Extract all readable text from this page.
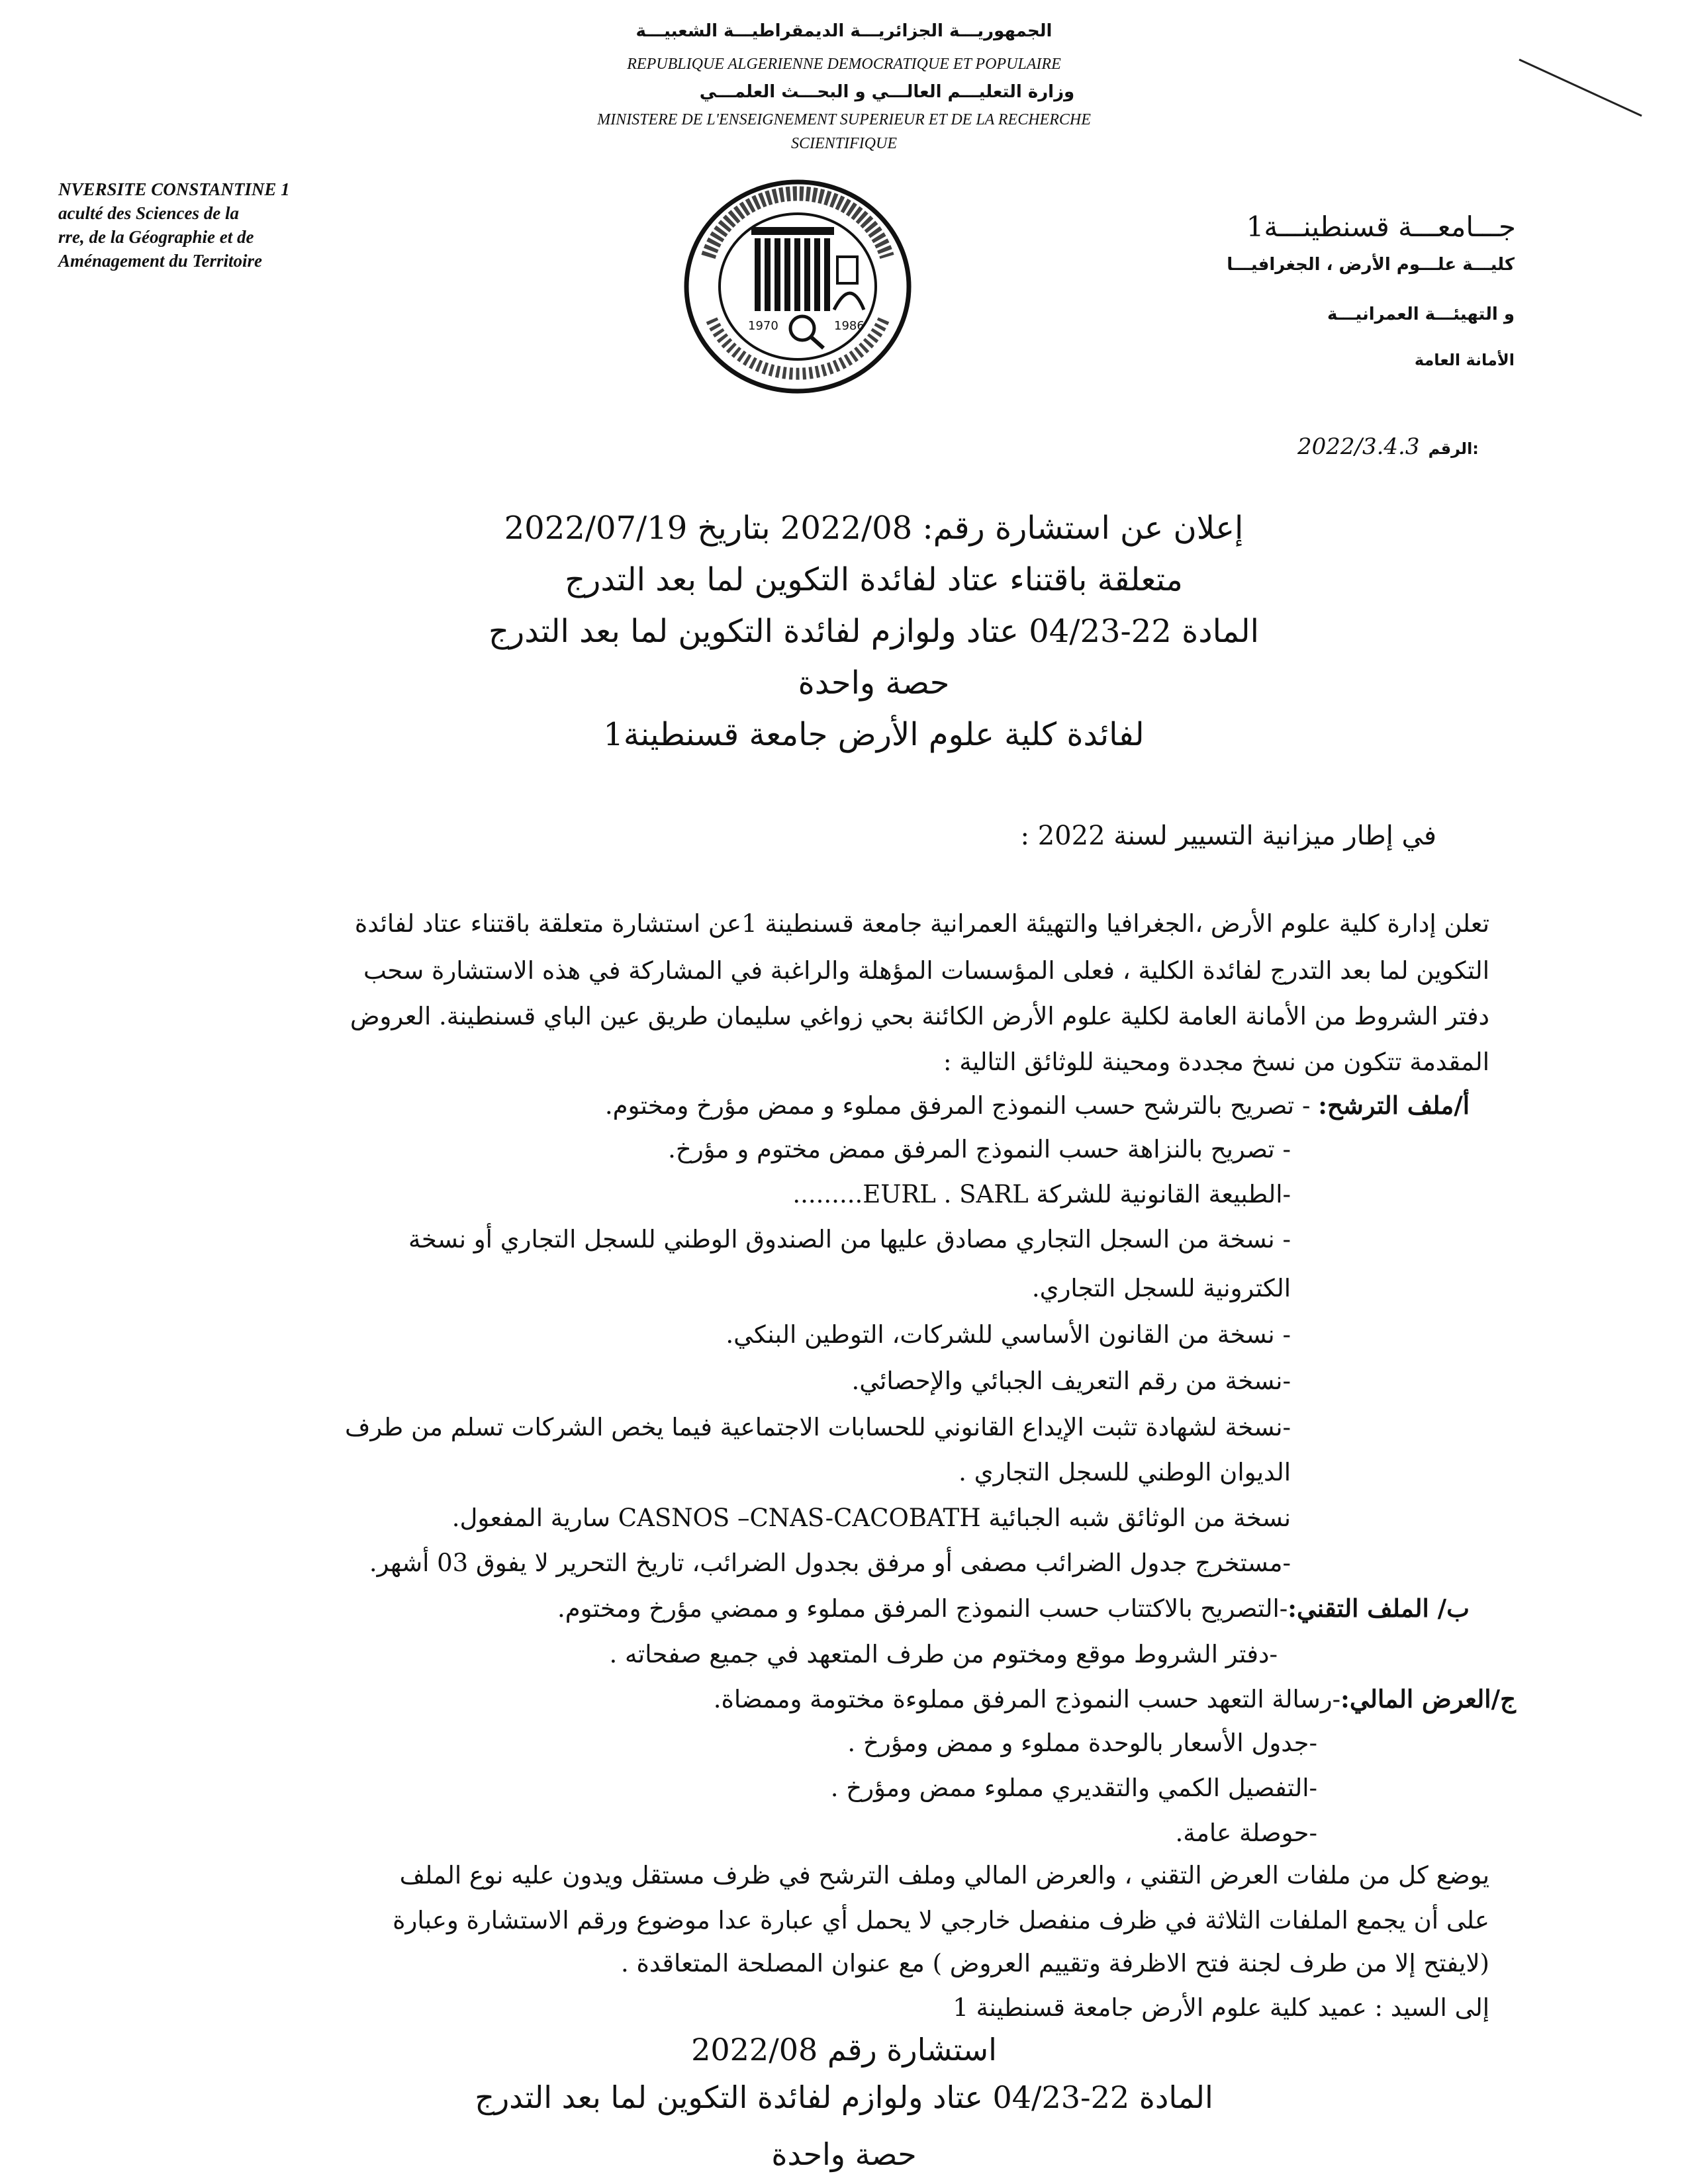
الجمهوريـــة الجزائريـــة الديمقراطيـــة الشعبيـــة
REPUBLIQUE ALGERIENNE DEMOCRATIQUE ET POPULAIRE
وزارة التعليـــم العالـــي و البحـــث العلمـــي
MINISTERE DE L'ENSEIGNEMENT SUPERIEUR ET DE LA RECHERCHE
SCIENTIFIQUE
NVERSITE CONSTANTINE 1
aculté des Sciences de la
rre, de la Géographie et de
Aménagement du Territoire
1970	1986
جـــامعـــة قسنطينـــة1
كليـــة علـــوم الأرض ، الجغرافيـــا
و التهيئـــة العمرانيـــة
الأمانة العامة
2022/3.4.3 الرقم:
إعلان عن استشارة رقم: 2022/08 بتاريخ 2022/07/19
متعلقة باقتناء عتاد لفائدة التكوين لما بعد التدرج
المادة 22-04/23 عتاد ولوازم لفائدة التكوين لما بعد التدرج
حصة واحدة
لفائدة كلية علوم الأرض جامعة قسنطينة1
في إطار ميزانية التسيير لسنة 2022 :
تعلن إدارة كلية علوم الأرض ،الجغرافيا والتهيئة العمرانية جامعة قسنطينة 1عن استشارة متعلقة باقتناء عتاد لفائدة
التكوين لما بعد التدرج لفائدة الكلية ، فعلى المؤسسات المؤهلة والراغبة في المشاركة في هذه الاستشارة سحب
دفتر الشروط من الأمانة العامة لكلية علوم الأرض الكائنة بحي زواغي سليمان طريق عين الباي قسنطينة. العروض
المقدمة تتكون من نسخ مجددة ومحينة للوثائق التالية :
أ/ملف الترشح: - تصريح بالترشح حسب النموذج المرفق مملوء و ممض مؤرخ ومختوم.
- تصريح بالنزاهة حسب النموذج المرفق ممض مختوم و مؤرخ.
-الطبيعة القانونية للشركة EURL . SARL.........
- نسخة من السجل التجاري مصادق عليها من الصندوق الوطني للسجل التجاري أو نسخة
الكترونية للسجل التجاري.
- نسخة من القانون الأساسي للشركات، التوطين البنكي.
-نسخة من رقم التعريف الجبائي والإحصائي.
-نسخة لشهادة تثبت الإيداع القانوني للحسابات الاجتماعية فيما يخص الشركات تسلم من طرف
الديوان الوطني للسجل التجاري .
نسخة من الوثائق شبه الجبائية CASNOS –CNAS-CACOBATH سارية المفعول.
-مستخرج جدول الضرائب مصفى أو مرفق بجدول الضرائب، تاريخ التحرير لا يفوق 03 أشهر.
ب/ الملف التقني:-التصريح بالاكتتاب حسب النموذج المرفق مملوء و ممضي مؤرخ ومختوم.
-دفتر الشروط موقع ومختوم من طرف المتعهد في جميع صفحاته .
ج/العرض المالي:-رسالة التعهد حسب النموذج المرفق مملوءة مختومة وممضاة.
-جدول الأسعار بالوحدة مملوء و ممض ومؤرخ .
-التفصيل الكمي والتقديري مملوء ممض ومؤرخ .
-حوصلة عامة.
يوضع كل من ملفات العرض التقني ، والعرض المالي وملف الترشح في ظرف مستقل ويدون عليه نوع الملف
على أن يجمع الملفات الثلاثة في ظرف منفصل خارجي لا يحمل أي عبارة عدا موضوع ورقم الاستشارة وعبارة
(لايفتح إلا من طرف لجنة فتح الاظرفة وتقييم العروض ) مع عنوان المصلحة المتعاقدة .
إلى السيد : عميد كلية علوم الأرض جامعة قسنطينة 1
استشارة رقم 2022/08
المادة 22-04/23 عتاد ولوازم لفائدة التكوين لما بعد التدرج
حصة واحدة
